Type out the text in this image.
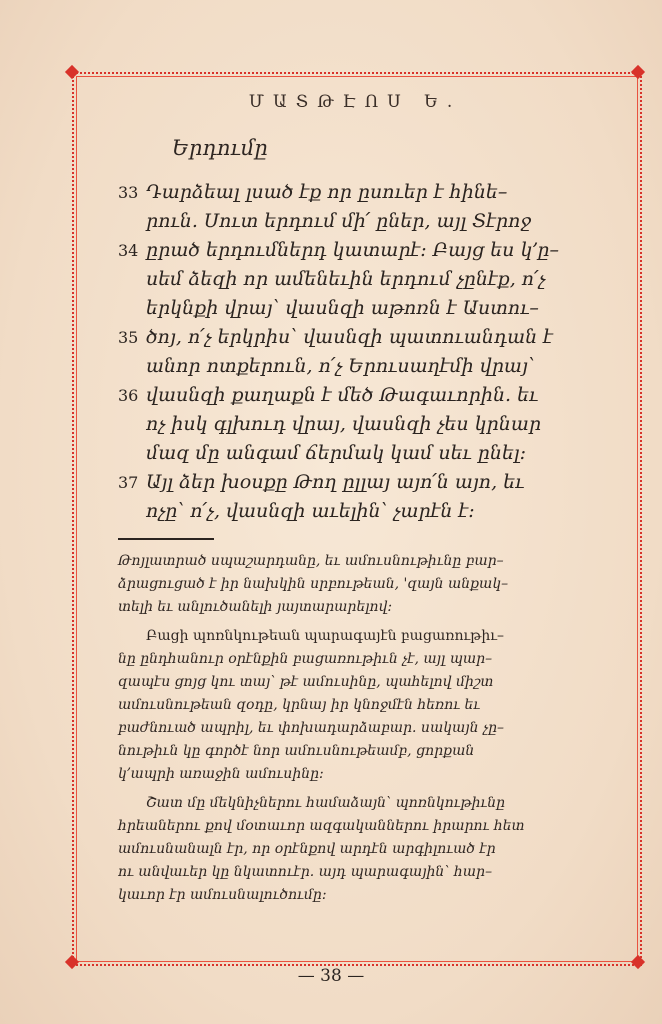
ՄԱՏԹԷՈՍ Ե.
Երդումը
33 Դարձեալ լսած էք որ ըսուեր է հինե–
րուն. Սուտ երդում մի՛ ըներ, այլ Տէրոջ
34 ըրած երդումներդ կատարէ: Բայց ես կ՚ը–
սեմ ձեզի որ ամենեւին երդում չընէք, ո՛չ
երկնքի վրայ՝ վասնզի աթոռն է Աստու–
35 ծոյ, ո՛չ երկրիս՝ վասնզի պատուանդան է
անոր ոտքերուն, ո՛չ Երուսաղէմի վրայ՝
36 վասնզի քաղաքն է մեծ Թագաւորին. եւ
ոչ իսկ գլխուդ վրայ, վասնզի չես կրնար
մազ մը անգամ ճերմակ կամ սեւ ընել:
37 Այլ ձեր խօսքը Թող ըլլայ այո՛ն այո, եւ
ոչը՝ ո՛չ, վասնզի աւելին՝ չարէն է:
Թոյլատրած սպաշարդանը, եւ ամուսնութիւնը բար–
ձրացուցած է իր նախկին սրբութեան, 'զայն անքակ–
տելի եւ անլուծանելի յայտարարելով:
Բացի պոռնկութեան պարագայէն բացառութիւ–
նը ընդհանուր օրէնքին բացառութիւն չէ, այլ պար–
զապէս ցոյց կու տայ՝ թէ ամուսինը, պահելով միշտ
ամուսնութեան զօդը, կրնայ իր կնոջմէն հեռու եւ
բաժնուած ապրիլ, եւ փոխադարձաբար. սակայն չը–
նութիւն կը գործէ նոր ամուսնութեամբ, ցորքան
կ՚ապրի առաջին ամուսինը:
Շատ մը մեկնիչներու համաձայն՝ պոռնկութիւնը
հրեաներու քով մօտաւոր ազգականներու իրարու հետ
ամուսնանալն էր, որ օրէնքով արդէն արգիլուած էր
ու անվաւեր կը նկատուէր. այդ պարագային՝ հար–
կաւոր էր ամուսնալուծումը:
— 38 —
